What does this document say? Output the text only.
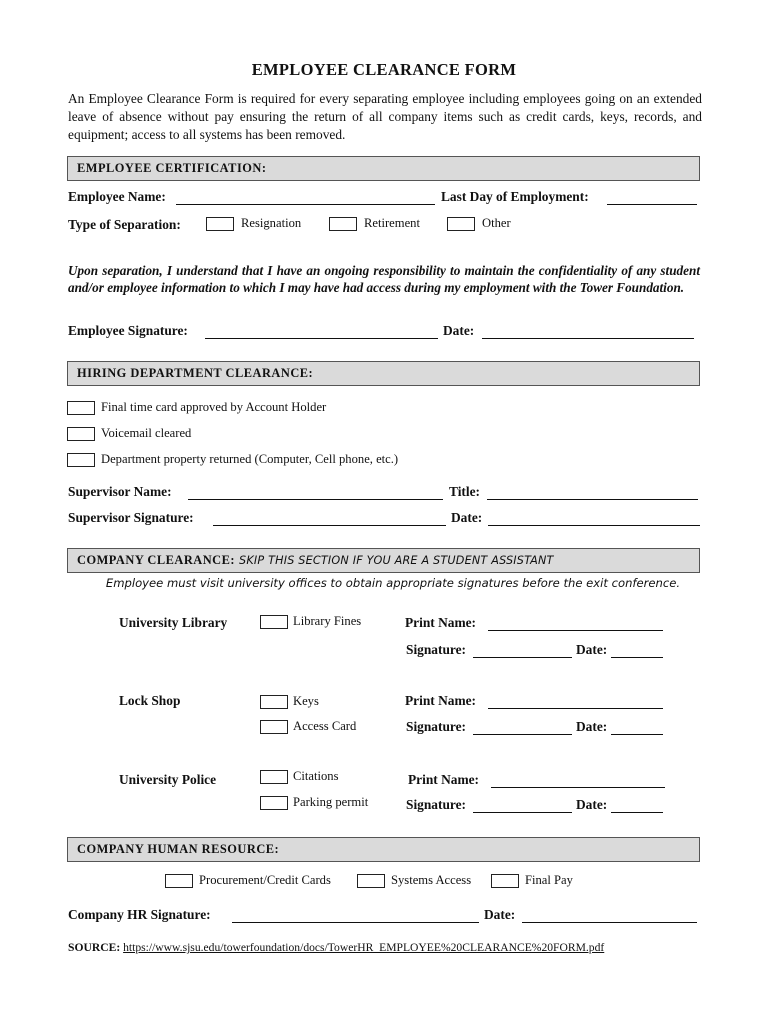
EMPLOYEE CLEARANCE FORM
An Employee Clearance Form is required for every separating employee including employees going on an extended leave of absence without pay ensuring the return of all company items such as credit cards, keys, records, and equipment; access to all systems has been removed.
EMPLOYEE CERTIFICATION:
Employee Name:	Last Day of Employment:
Type of Separation:	Resignation	Retirement	Other
Upon separation, I understand that I have an ongoing responsibility to maintain the confidentiality of any student and/or employee information to which I may have had access during my employment with the Tower Foundation.
Employee Signature:	Date:
HIRING DEPARTMENT CLEARANCE:
Final time card approved by Account Holder
Voicemail cleared
Department property returned (Computer, Cell phone, etc.)
Supervisor Name:	Title:
Supervisor Signature:	Date:
COMPANY CLEARANCE: SKIP THIS SECTION IF YOU ARE A STUDENT ASSISTANT
Employee must visit university offices to obtain appropriate signatures before the exit conference.
University Library	Library Fines	Print Name:
Signature:	Date:
Lock Shop	Keys
Access Card
Print Name:
Signature:	Date:
University Police	Citations
Parking permit
Print Name:
Signature:	Date:
COMPANY HUMAN RESOURCE:
Procurement/Credit Cards	Systems Access	Final Pay
Company HR Signature:	Date:
SOURCE: https://www.sjsu.edu/towerfoundation/docs/TowerHR_EMPLOYEE%20CLEARANCE%20FORM.pdf
